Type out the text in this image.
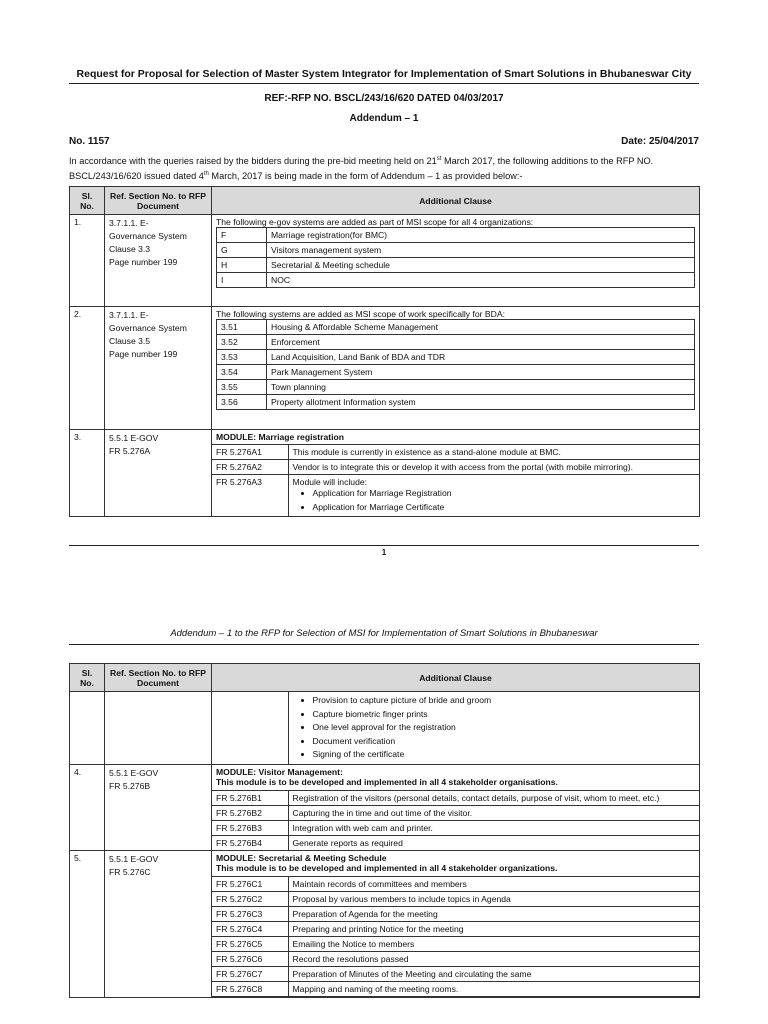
Request for Proposal for Selection of Master System Integrator for Implementation of Smart Solutions in Bhubaneswar City
REF:-RFP NO. BSCL/243/16/620 DATED 04/03/2017
Addendum – 1
No. 1157	Date: 25/04/2017
In accordance with the queries raised by the bidders during the pre-bid meeting held on 21st March 2017, the following additions to the RFP NO. BSCL/243/16/620 issued dated 4th March, 2017 is being made in the form of Addendum – 1 as provided below:-
Sl. No.	Ref. Section No. to RFP Document	Additional Clause
1.	3.7.1.1. E-
Governance System
Clause 3.3
Page number 199

The following e-gov systems are added as part of MSI scope for all 4 organizations:
F	Marriage registration(for BMC)
G	Visitors management system
H	Secretarial & Meeting schedule
I	NOC

2.	3.7.1.1. E-
Governance System
Clause 3.5
Page number 199

The following systems are added as MSI scope of work specifically for BDA:
3.51	Housing & Affordable Scheme Management
3.52	Enforcement
3.53	Land Acquisition, Land Bank of BDA and TDR
3.54	Park Management System
3.55	Town planning
3.56	Property allotment Information system

3.	5.5.1 E-GOV
FR 5.276A

MODULE: Marriage registration
FR 5.276A1	This module is currently in existence as a stand-alone module at BMC.
FR 5.276A2	Vendor is to integrate this or develop it with access from the portal (with mobile mirroring).
FR 5.276A3	Module will include:
• Application for Marriage Registration
• Application for Marriage Certificate
1
Addendum – 1 to the RFP for Selection of MSI for Implementation of Smart Solutions in Bhubaneswar
Sl. No.	Ref. Section No. to RFP Document	Additional Clause

• Provision to capture picture of bride and groom
• Capture biometric finger prints
• One level approval for the registration
• Document verification
• Signing of the certificate

4.	5.5.1 E-GOV
FR 5.276B

MODULE: Visitor Management:
This module is to be developed and implemented in all 4 stakeholder organisations.
FR 5.276B1	Registration of the visitors (personal details, contact details, purpose of visit, whom to meet, etc.)
FR 5.276B2	Capturing the in time and out time of the visitor.
FR 5.276B3	Integration with web cam and printer.
FR 5.276B4	Generate reports as required

5.	5.5.1 E-GOV
FR 5.276C

MODULE: Secretarial & Meeting Schedule
This module is to be developed and implemented in all 4 stakeholder organizations.
FR 5.276C1	Maintain records of committees and members
FR 5.276C2	Proposal by various members to include topics in Agenda
FR 5.276C3	Preparation of Agenda for the meeting
FR 5.276C4	Preparing and printing Notice for the meeting
FR 5.276C5	Emailing the Notice to members
FR 5.276C6	Record the resolutions passed
FR 5.276C7	Preparation of Minutes of the Meeting and circulating the same
FR 5.276C8	Mapping and naming of the meeting rooms.
